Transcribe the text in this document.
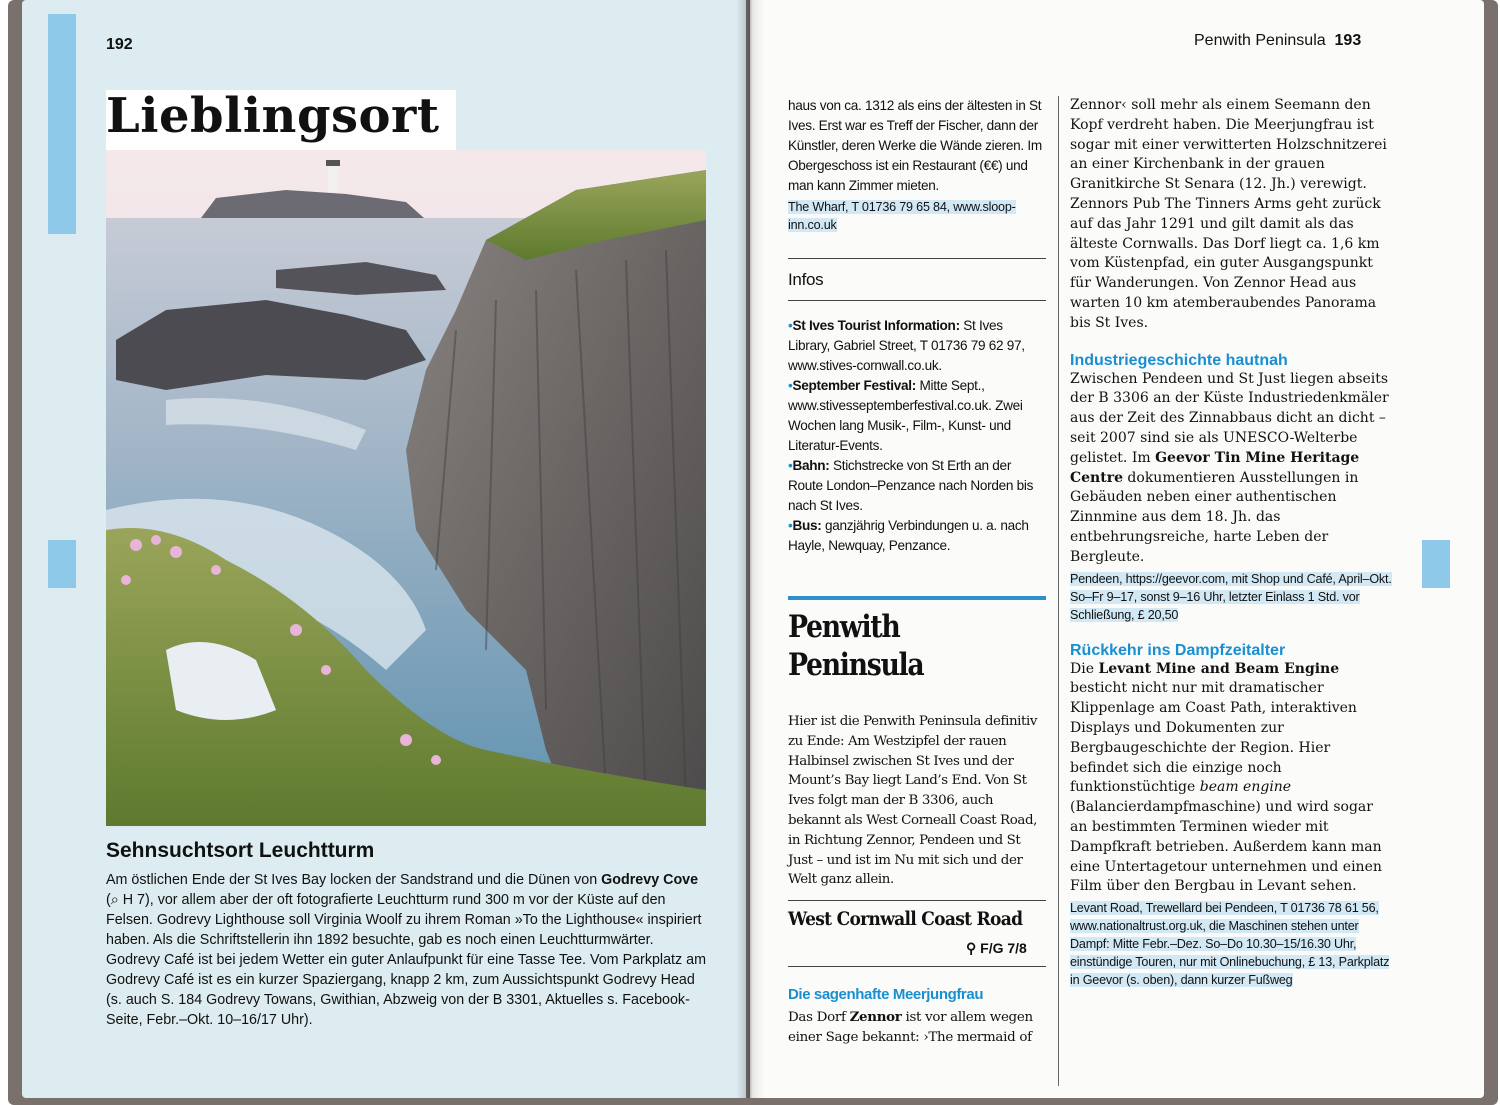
192
Lieblingsort
Sehnsuchtsort Leuchtturm

Am östlichen Ende der St Ives Bay locken der Sandstrand und die Dünen von Godrevy Cove (⌕ H 7), vor allem aber der oft fotografierte Leuchtturm rund 300 m vor der Küste auf den Felsen. Godrevy Lighthouse soll Virginia Woolf zu ihrem Roman »To the Lighthouse« inspiriert haben. Als die Schriftstellerin ihn 1892 besuchte, gab es noch einen Leuchtturmwärter. Godrevy Café ist bei jedem Wetter ein guter Anlaufpunkt für eine Tasse Tee. Vom Parkplatz am Godrevy Café ist es ein kurzer Spaziergang, knapp 2 km, zum Aussichtspunkt Godrevy Head (s. auch S. 184 Godrevy Towans, Gwithian, Abzweig von der B 3301, Aktuelles s. Facebook-Seite, Febr.–Okt. 10–16/17 Uhr).

Penwith Peninsula 193

haus von ca. 1312 als eins der ältesten in St Ives. Erst war es Treff der Fischer, dann der Künstler, deren Werke die Wände zieren. Im Obergeschoss ist ein Restaurant (€€) und man kann Zimmer mieten.

The Wharf, T 01736 79 65 84, www.sloop-inn.co.uk

Infos

•St Ives Tourist Information: St Ives Library, Gabriel Street, T 01736 79 62 97, www.stives-cornwall.co.uk.

•September Festival: Mitte Sept., www.stivesseptemberfestival.co.uk. Zwei Wochen lang Musik-, Film-, Kunst- und Literatur-Events.

•Bahn: Stichstrecke von St Erth an der Route London–Penzance nach Norden bis nach St Ives.

•Bus: ganzjährig Verbindungen u. a. nach Hayle, Newquay, Penzance.

Penwith
Peninsula

Hier ist die Penwith Peninsula definitiv zu Ende: Am Westzipfel der rauen Halbinsel zwischen St Ives und der Mount’s Bay liegt Land’s End. Von St Ives folgt man der B 3306, auch bekannt als West Corneall Coast Road, in Richtung Zennor, Pendeen und St Just – und ist im Nu mit sich und der Welt ganz allein.

West Cornwall Coast Road
⚲ F/G 7/8
Die sagenhafte Meerjungfrau

Das Dorf Zennor ist vor allem wegen einer Sage bekannt: ›The mermaid of

Zennor‹ soll mehr als einem Seemann den Kopf verdreht haben. Die Meerjungfrau ist sogar mit einer verwitterten Holzschnitzerei an einer Kirchenbank in der grauen Granitkirche St Senara (12. Jh.) verewigt. Zennors Pub The Tinners Arms geht zurück auf das Jahr 1291 und gilt damit als das älteste Cornwalls. Das Dorf liegt ca. 1,6 km vom Küstenpfad, ein guter Ausgangspunkt für Wanderungen. Von Zennor Head aus warten 10 km atemberaubendes Panorama bis St Ives.

Industriegeschichte hautnah

Zwischen Pendeen und St Just liegen abseits der B 3306 an der Küste Industriedenkmäler aus der Zeit des Zinnabbaus dicht an dicht – seit 2007 sind sie als UNESCO-Welterbe gelistet. Im Geevor Tin Mine Heritage Centre dokumentieren Ausstellungen in Gebäuden neben einer authentischen Zinnmine aus dem 18. Jh. das entbehrungsreiche, harte Leben der Bergleute.

Pendeen, https://geevor.com, mit Shop und Café, April–Okt. So–Fr 9–17, sonst 9–16 Uhr, letzter Einlass 1 Std. vor Schließung, £ 20,50

Rückkehr ins Dampfzeitalter

Die Levant Mine and Beam Engine besticht nicht nur mit dramatischer Klippenlage am Coast Path, interaktiven Displays und Dokumenten zur Bergbaugeschichte der Region. Hier befindet sich die einzige noch funktionstüchtige beam engine (Balancierdampfmaschine) und wird sogar an bestimmten Terminen wieder mit Dampfkraft betrieben. Außerdem kann man eine Untertagetour unternehmen und einen Film über den Bergbau in Levant sehen.

Levant Road, Trewellard bei Pendeen, T 01736 78 61 56, www.nationaltrust.org.uk, die Maschinen stehen unter Dampf: Mitte Febr.–Dez. So–Do 10.30–15/16.30 Uhr, einstündige Touren, nur mit Onlinebuchung, £ 13, Parkplatz in Geevor (s. oben), dann kurzer Fußweg
